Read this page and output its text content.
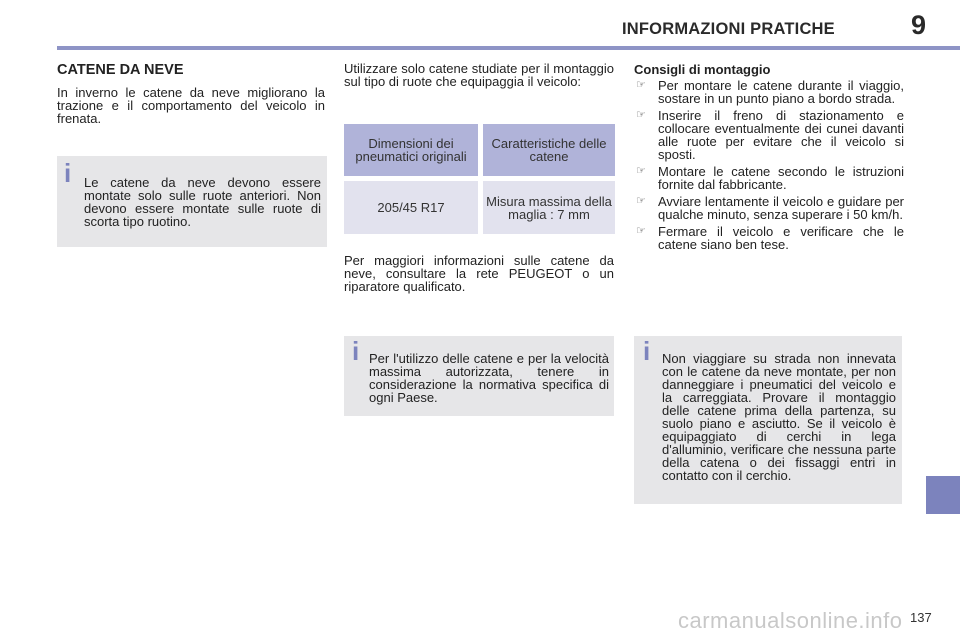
INFORMAZIONI PRATICHE	9
CATENE DA NEVE

In inverno le catene da neve migliorano la trazione e il comportamento del veicolo in frenata.

i Le catene da neve devono essere montate solo sulle ruote anteriori. Non devono essere montate sulle ruote di scorta tipo ruotino.

Utilizzare solo catene studiate per il montaggio sul tipo di ruote che equipaggia il veicolo:

Dimensioni dei pneumatici originali
Caratteristiche delle catene
205/45 R17	Misura massima della maglia : 7 mm

Per maggiori informazioni sulle catene da neve, consultare la rete PEUGEOT o un riparatore qualificato.

i Per l'utilizzo delle catene e per la velocità massima autorizzata, tenere in considerazione la normativa specifica di ogni Paese.

Consigli di montaggio
☞ Per montare le catene durante il viaggio, sostare in un punto piano a bordo strada.
☞ Inserire il freno di stazionamento e collocare eventualmente dei cunei davanti alle ruote per evitare che il veicolo si sposti.
☞ Montare le catene secondo le istruzioni fornite dal fabbricante.
☞ Avviare lentamente il veicolo e guidare per qualche minuto, senza superare i 50 km/h.
☞ Fermare il veicolo e verificare che le catene siano ben tese.
i Non viaggiare su strada non innevata con le catene da neve montate, per non danneggiare i pneumatici del veicolo e la carreggiata. Provare il montaggio delle catene prima della partenza, su suolo piano e asciutto. Se il veicolo è equipaggiato di cerchi in lega d'alluminio, verificare che nessuna parte della catena o dei fissaggi entri in contatto con il cerchio.

carmanualsonline.info 137
